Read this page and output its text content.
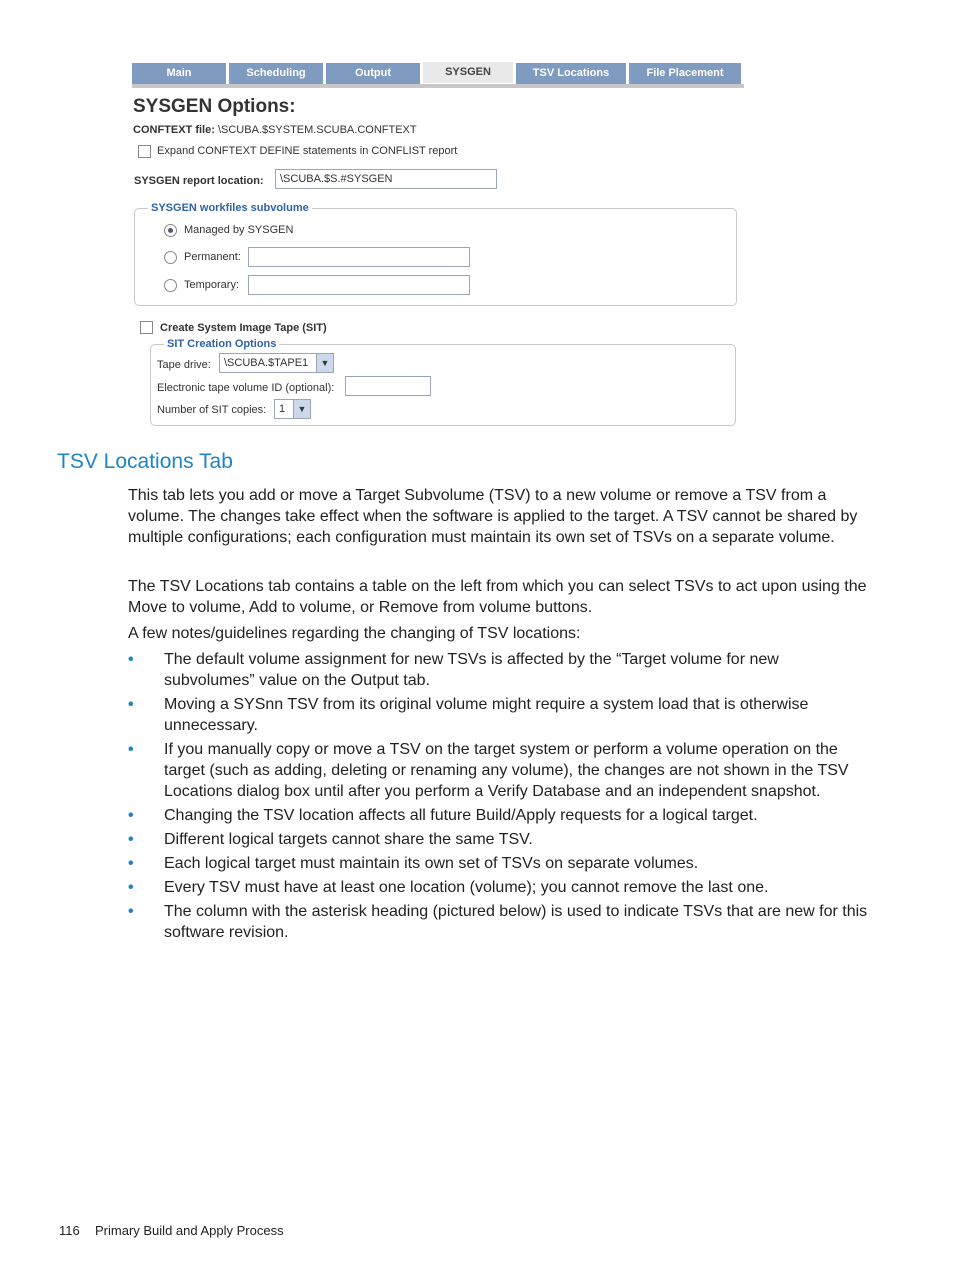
Main	Scheduling	Output	SYSGEN	TSV Locations	File Placement
SYSGEN Options:
CONFTEXT file: \SCUBA.$SYSTEM.SCUBA.CONFTEXT
Expand CONFTEXT DEFINE statements in CONFLIST report
SYSGEN report location:	\SCUBA.$S.#SYSGEN
SYSGEN workfiles subvolume
Managed by SYSGEN
Permanent:
Temporary:
Create System Image Tape (SIT)
SIT Creation Options
Tape drive:	\SCUBA.$TAPE1	▼
Electronic tape volume ID (optional):
Number of SIT copies:	1	▼
TSV Locations Tab

This tab lets you add or move a Target Subvolume (TSV) to a new volume or remove a TSV from a volume. The changes take effect when the software is applied to the target. A TSV cannot be shared by multiple configurations; each configuration must maintain its own set of TSVs on a separate volume.

The TSV Locations tab contains a table on the left from which you can select TSVs to act upon using the Move to volume, Add to volume, or Remove from volume buttons.

A few notes/guidelines regarding the changing of TSV locations:

• The default volume assignment for new TSVs is affected by the “Target volume for new subvolumes” value on the Output tab.
• Moving a SYSnn TSV from its original volume might require a system load that is otherwise unnecessary.
• If you manually copy or move a TSV on the target system or perform a volume operation on the target (such as adding, deleting or renaming any volume), the changes are not shown in the TSV Locations dialog box until after you perform a Verify Database and an independent snapshot.
• Changing the TSV location affects all future Build/Apply requests for a logical target.
• Different logical targets cannot share the same TSV.
• Each logical target must maintain its own set of TSVs on separate volumes.
• Every TSV must have at least one location (volume); you cannot remove the last one.
• The column with the asterisk heading (pictured below) is used to indicate TSVs that are new for this software revision.
116 Primary Build and Apply Process
